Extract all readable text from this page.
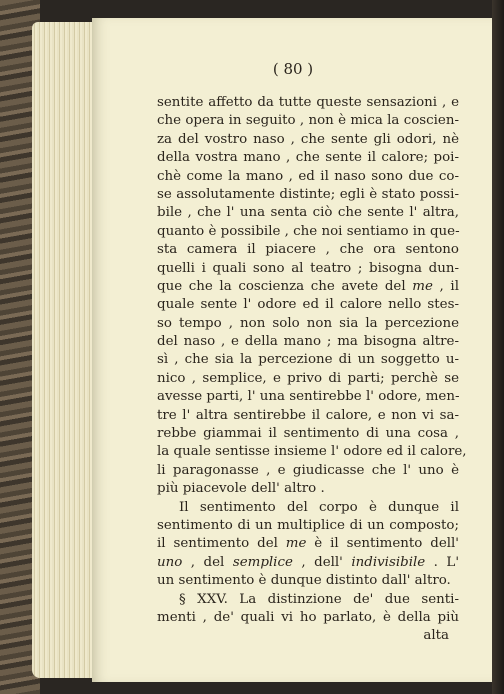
( 80 )
sentite affetto da tutte queste sensazioni , e
che opera in seguito , non è mica la coscien-
za del vostro naso , che sente gli odori, nè
della vostra mano , che sente il calore; poi-
chè come la mano , ed il naso sono due co-
se assolutamente distinte; egli è stato possi-
bile , che l' una senta ciò che sente l' altra,
quanto è possibile , che noi sentiamo in que-
sta camera il piacere , che ora sentono
quelli i quali sono al teatro ; bisogna dun-
que che la coscienza che avete del me , il
quale sente l' odore ed il calore nello stes-
so tempo , non solo non sia la percezione
del naso , e della mano ; ma bisogna altre-
sì , che sia la percezione di un soggetto u-
nico , semplice, e privo di parti; perchè se
avesse parti, l' una sentirebbe l' odore, men-
tre l' altra sentirebbe il calore, e non vi sa-
rebbe giammai il sentimento di una cosa ,
la quale sentisse insieme l' odore ed il calore,
li paragonasse , e giudicasse che l' uno è
più piacevole dell' altro .
Il sentimento del corpo è dunque il
sentimento di un multiplice di un composto;
il sentimento del me è il sentimento dell'
uno , del semplice , dell' indivisibile . L'
un sentimento è dunque distinto dall' altro.
§ XXV. La distinzione de' due senti-
menti , de' quali vi ho parlato, è della più
alta
